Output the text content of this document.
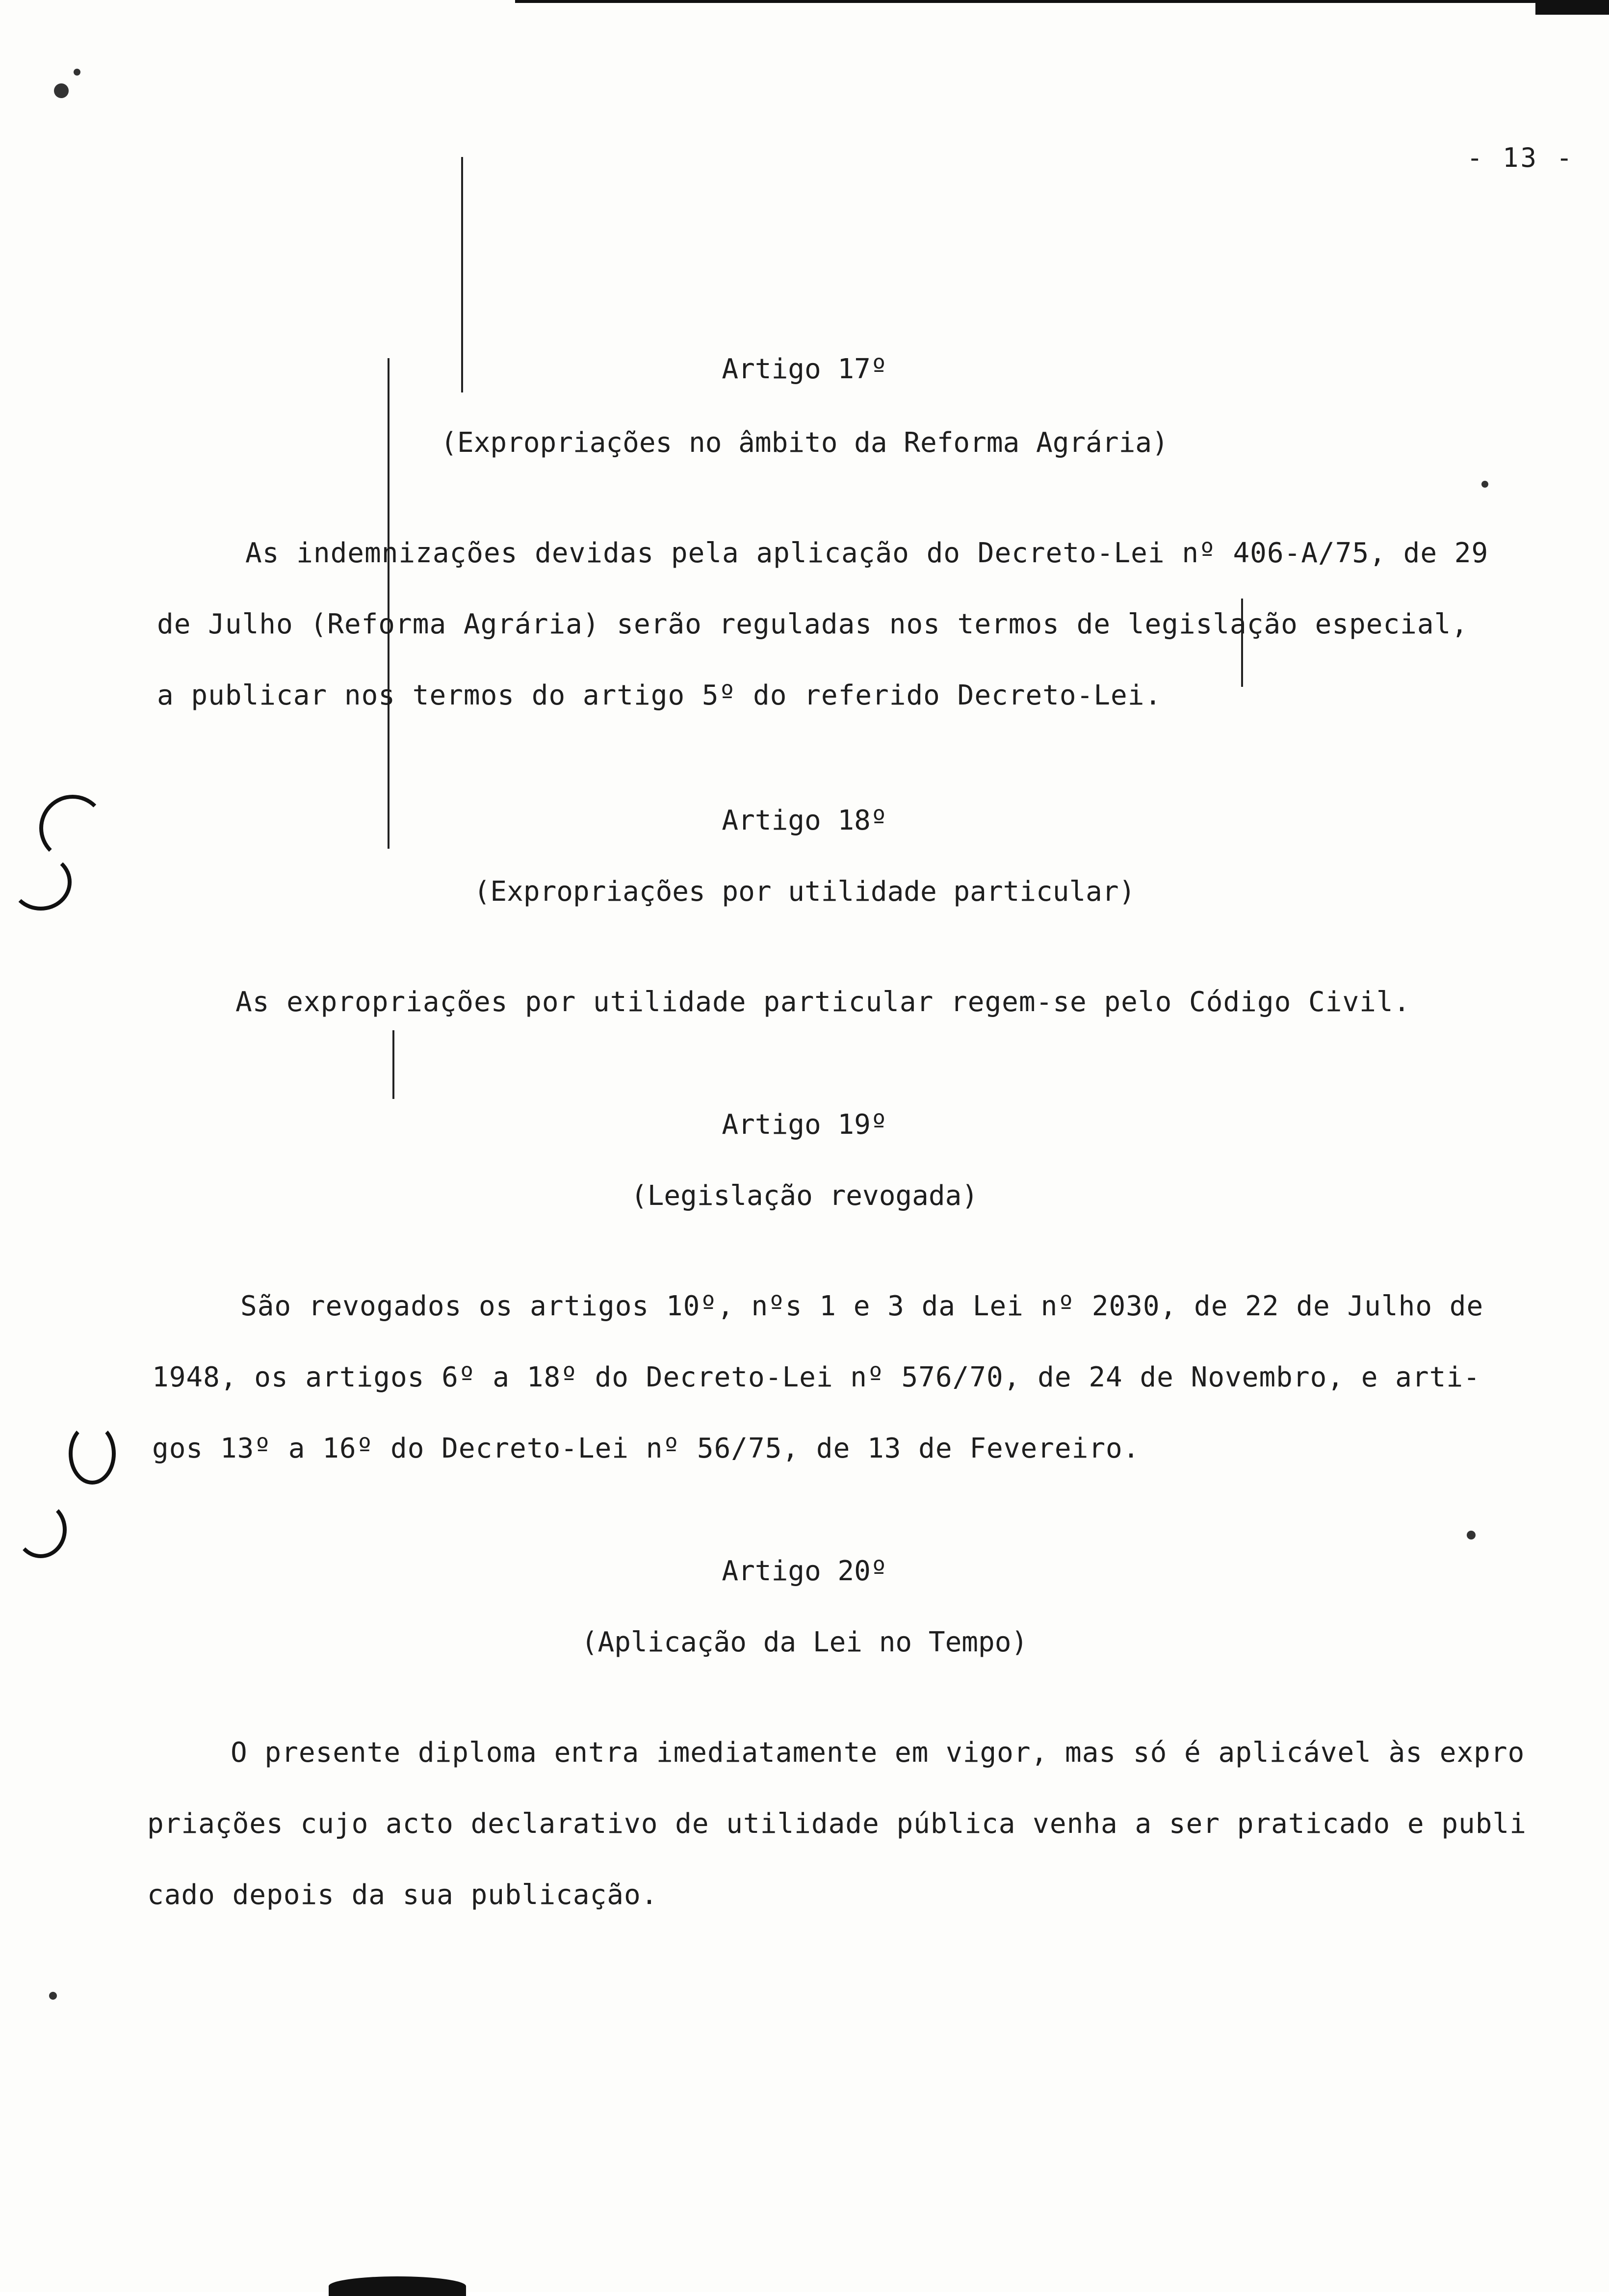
- 13 -
Artigo 17º
(Expropriações no âmbito da Reforma Agrária)
As indemnizações devidas pela aplicação do Decreto-Lei nº 406-A/75, de 29
de Julho (Reforma Agrária) serão reguladas nos termos de legislação especial,
a publicar nos termos do artigo 5º do referido Decreto-Lei.
Artigo 18º
(Expropriações por utilidade particular)
As expropriações por utilidade particular regem-se pelo Código Civil.
Artigo 19º
(Legislação revogada)
São revogados os artigos 10º, nºs 1 e 3 da Lei nº 2030, de 22 de Julho de
1948, os artigos 6º a 18º do Decreto-Lei nº 576/70, de 24 de Novembro, e arti-
gos 13º a 16º do Decreto-Lei nº 56/75, de 13 de Fevereiro.
Artigo 20º
(Aplicação da Lei no Tempo)
O presente diploma entra imediatamente em vigor, mas só é aplicável às expro
priações cujo acto declarativo de utilidade pública venha a ser praticado e publi
cado depois da sua publicação.
